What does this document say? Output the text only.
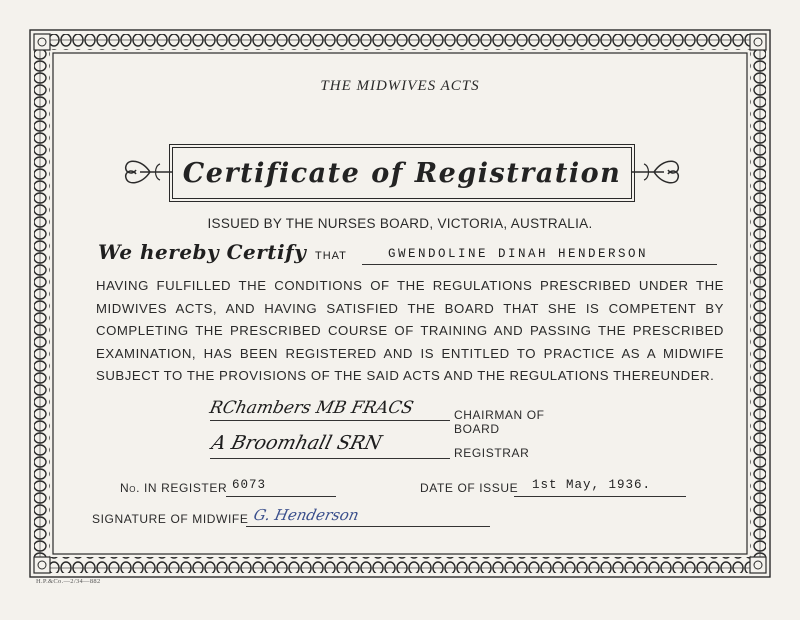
THE MIDWIVES ACTS
Certificate of Registration
ISSUED BY THE NURSES BOARD, VICTORIA, AUSTRALIA.
We hereby Certify THAT	GWENDOLINE DINAH HENDERSON
HAVING FULFILLED THE CONDITIONS OF THE REGULATIONS PRESCRIBED UNDER THE MIDWIVES ACTS, AND HAVING SATISFIED THE BOARD THAT SHE IS COMPETENT BY COMPLETING THE PRESCRIBED COURSE OF TRAINING AND PASSING THE PRESCRIBED EXAMINATION, HAS BEEN REGISTERED AND IS ENTITLED TO PRACTICE AS A MIDWIFE SUBJECT TO THE PROVISIONS OF THE SAID ACTS AND THE REGULATIONS THEREUNDER.
RChambers MB FRACS	CHAIRMAN OF BOARD
A Broomhall SRN	REGISTRAR
No. IN REGISTER 6073	DATE OF ISSUE 1st May, 1936.
SIGNATURE OF MIDWIFE G. Henderson
H.P.&Co.—2/34—882
